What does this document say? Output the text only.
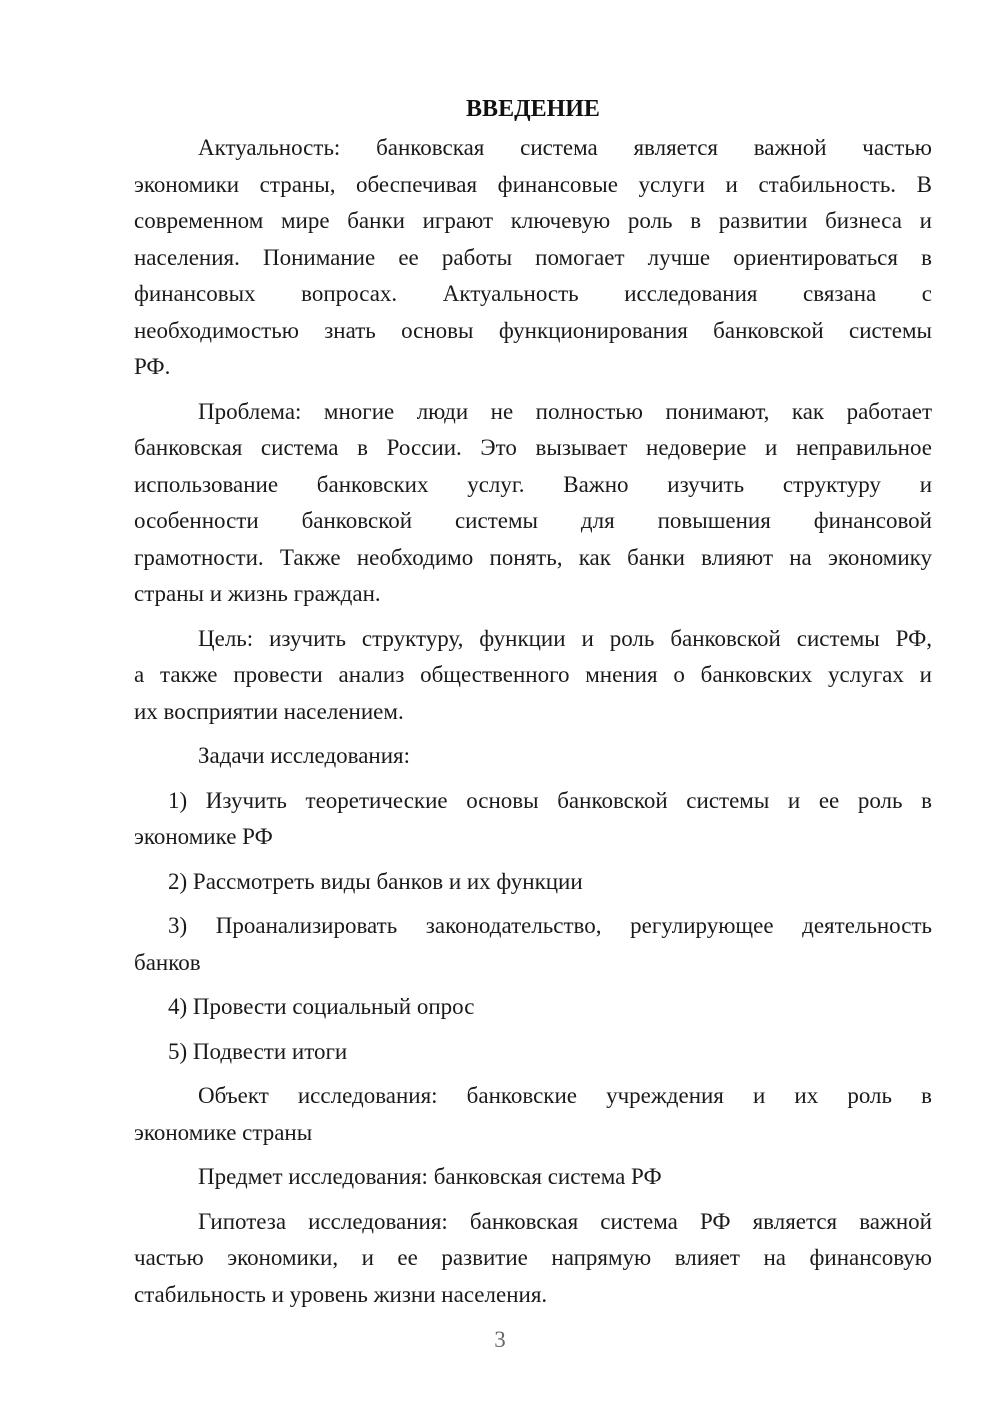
ВВЕДЕНИЕ
Актуальность: банковская система является важной частью
экономики страны, обеспечивая финансовые услуги и стабильность. В
современном мире банки играют ключевую роль в развитии бизнеса и
населения. Понимание ее работы помогает лучше ориентироваться в
финансовых вопросах. Актуальность исследования связана с
необходимостью знать основы функционирования банковской системы
РФ.
Проблема: многие люди не полностью понимают, как работает
банковская система в России. Это вызывает недоверие и неправильное
использование банковских услуг. Важно изучить структуру и
особенности банковской системы для повышения финансовой
грамотности. Также необходимо понять, как банки влияют на экономику
страны и жизнь граждан.
Цель: изучить структуру, функции и роль банковской системы РФ,
а также провести анализ общественного мнения о банковских услугах и
их восприятии населением.
Задачи исследования:
1) Изучить теоретические основы банковской системы и ее роль в
экономике РФ
2) Рассмотреть виды банков и их функции
3) Проанализировать законодательство, регулирующее деятельность
банков
4) Провести социальный опрос
5) Подвести итоги
Объект исследования: банковские учреждения и их роль в
экономике страны
Предмет исследования: банковская система РФ
Гипотеза исследования: банковская система РФ является важной
частью экономики, и ее развитие напрямую влияет на финансовую
стабильность и уровень жизни населения.
3
